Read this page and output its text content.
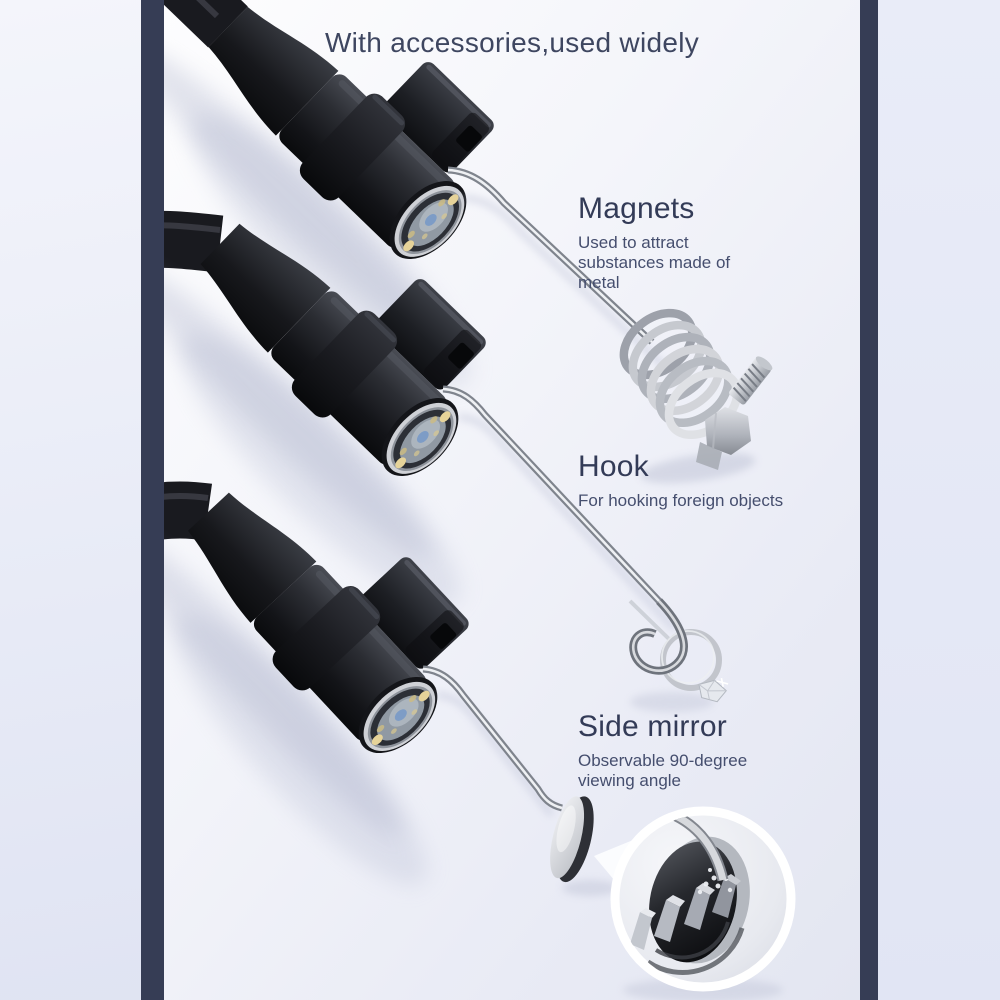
With accessories,used widely
Magnets
Used to attract substances made of metal
Hook
For hooking foreign objects
Side mirror
Observable 90-degree viewing angle
